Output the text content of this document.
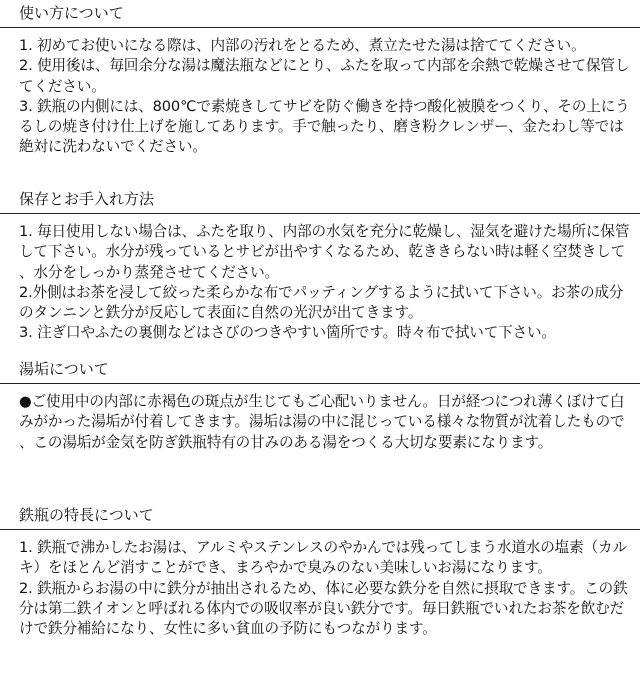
使い方について

1. 初めてお使いになる際は、内部の汚れをとるため、煮立たせた湯は捨ててください。

2. 使用後は、毎回余分な湯は魔法瓶などにとり、ふたを取って内部を余熱で乾燥させて保管してください。

3. 鉄瓶の内側には、800℃で素焼きしてサビを防ぐ働きを持つ酸化被膜をつくり、その上にうるしの焼き付け仕上げを施してあります。手で触ったり、磨き粉クレンザー、金たわし等では絶対に洗わないでください。

保存とお手入れ方法

1. 毎日使用しない場合は、ふたを取り、内部の水気を充分に乾燥し、湿気を避けた場所に保管して下さい。水分が残っているとサビが出やすくなるため、乾ききらない時は軽く空焚きして、水分をしっかり蒸発させてください。

2.外側はお茶を浸して絞った柔らかな布でパッティングするように拭いて下さい。お茶の成分のタンニンと鉄分が反応して表面に自然の光沢が出てきます。

3. 注ぎ口やふたの裏側などはさびのつきやすい箇所です。時々布で拭いて下さい。

湯垢について

●ご使用中の内部に赤褐色の斑点が生じてもご心配いりません。日が経つにつれ薄くぼけて白みがかった湯垢が付着してきます。湯垢は湯の中に混じっている様々な物質が沈着したもので、この湯垢が金気を防ぎ鉄瓶特有の甘みのある湯をつくる大切な要素になります。

鉄瓶の特長について

1. 鉄瓶で沸かしたお湯は、アルミやステンレスのやかんでは残ってしまう水道水の塩素（カルキ）をほとんど消すことができ、まろやかで臭みのない美味しいお湯になります。

2. 鉄瓶からお湯の中に鉄分が抽出されるため、体に必要な鉄分を自然に摂取できます。この鉄分は第二鉄イオンと呼ばれる体内での吸収率が良い鉄分です。毎日鉄瓶でいれたお茶を飲むだけで鉄分補給になり、女性に多い貧血の予防にもつながります。
